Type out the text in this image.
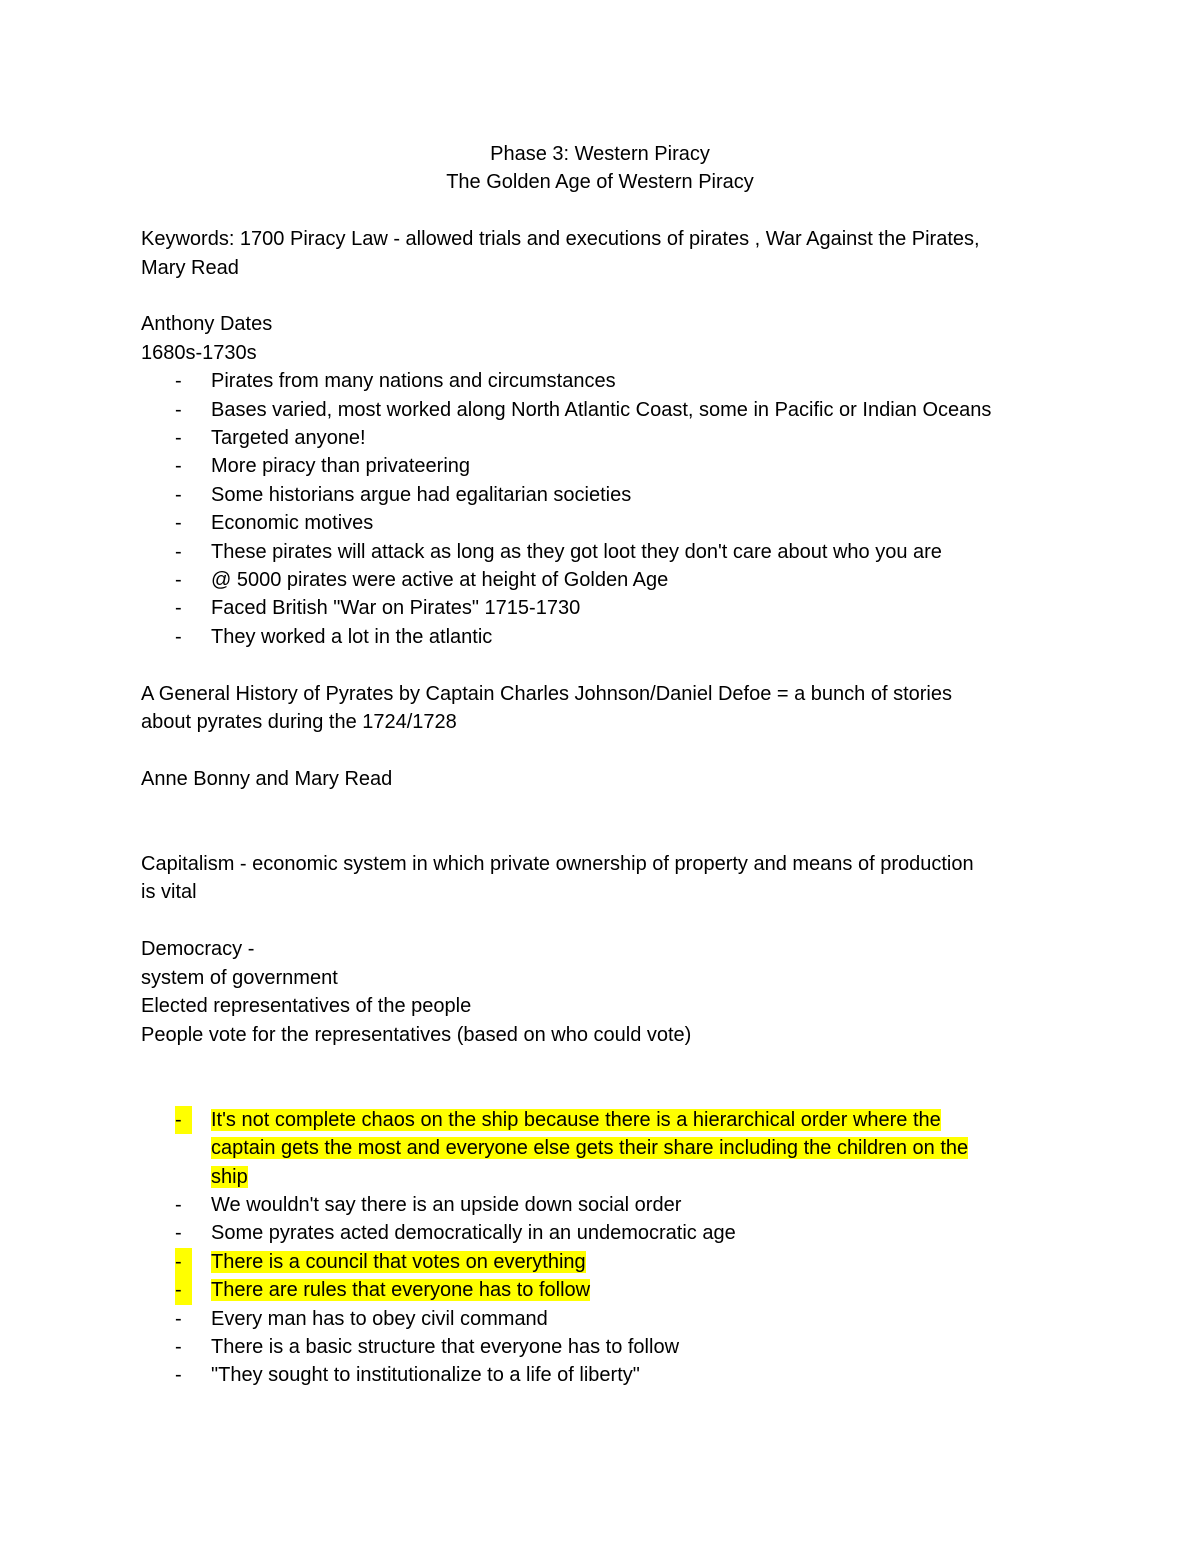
Phase 3: Western Piracy
The Golden Age of Western Piracy
Keywords: 1700 Piracy Law - allowed trials and executions of pirates , War Against the Pirates,
Mary Read
Anthony Dates
1680s-1730s
- Pirates from many nations and circumstances
- Bases varied, most worked along North Atlantic Coast, some in Pacific or Indian Oceans
- Targeted anyone!
- More piracy than privateering
- Some historians argue had egalitarian societies
- Economic motives
- These pirates will attack as long as they got loot they don't care about who you are
- @ 5000 pirates were active at height of Golden Age
- Faced British "War on Pirates" 1715-1730
- They worked a lot in the atlantic
A General History of Pyrates by Captain Charles Johnson/Daniel Defoe = a bunch of stories
about pyrates during the 1724/1728
Anne Bonny and Mary Read
Capitalism - economic system in which private ownership of property and means of production
is vital
Democracy -
system of government
Elected representatives of the people
People vote for the representatives (based on who could vote)
-	It's not complete chaos on the ship because there is a hierarchical order where the
captain gets the most and everyone else gets their share including the children on the
ship
- We wouldn't say there is an upside down social order
- Some pyrates acted democratically in an undemocratic age
-	There is a council that votes on everything
-	There are rules that everyone has to follow
- Every man has to obey civil command
- There is a basic structure that everyone has to follow
- "They sought to institutionalize to a life of liberty"
